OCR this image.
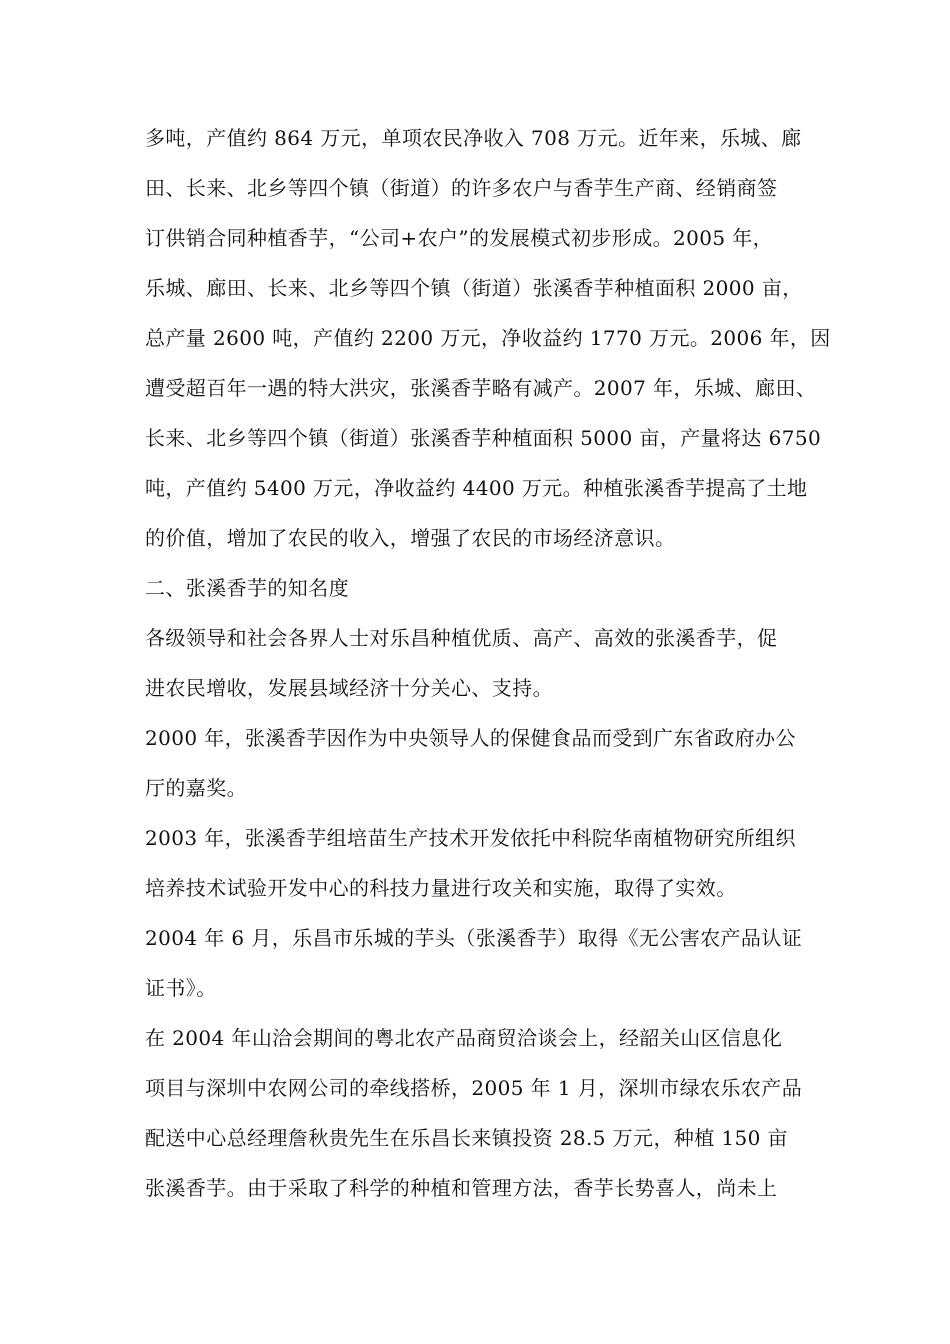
多吨，产值约 864 万元，单项农民净收入 708 万元。近年来，乐城、廊
田、长来、北乡等四个镇（街道）的许多农户与香芋生产商、经销商签
订供销合同种植香芋，“公司+农户”的发展模式初步形成。2005 年，
乐城、廊田、长来、北乡等四个镇（街道）张溪香芋种植面积 2000 亩，
总产量 2600 吨，产值约 2200 万元，净收益约 1770 万元。2006 年，因
遭受超百年一遇的特大洪灾，张溪香芋略有减产。2007 年，乐城、廊田、
长来、北乡等四个镇（街道）张溪香芋种植面积 5000 亩，产量将达 6750
吨，产值约 5400 万元，净收益约 4400 万元。种植张溪香芋提高了土地
的价值，增加了农民的收入，增强了农民的市场经济意识。
二、张溪香芋的知名度
各级领导和社会各界人士对乐昌种植优质、高产、高效的张溪香芋，促
进农民增收，发展县域经济十分关心、支持。
2000 年，张溪香芋因作为中央领导人的保健食品而受到广东省政府办公
厅的嘉奖。
2003 年，张溪香芋组培苗生产技术开发依托中科院华南植物研究所组织
培养技术试验开发中心的科技力量进行攻关和实施，取得了实效。
2004 年 6 月，乐昌市乐城的芋头（张溪香芋）取得《无公害农产品认证
证书》。
在 2004 年山洽会期间的粤北农产品商贸洽谈会上，经韶关山区信息化
项目与深圳中农网公司的牵线搭桥，2005 年 1 月，深圳市绿农乐农产品
配送中心总经理詹秋贵先生在乐昌长来镇投资 28.5 万元，种植 150 亩
张溪香芋。由于采取了科学的种植和管理方法，香芋长势喜人，尚未上
